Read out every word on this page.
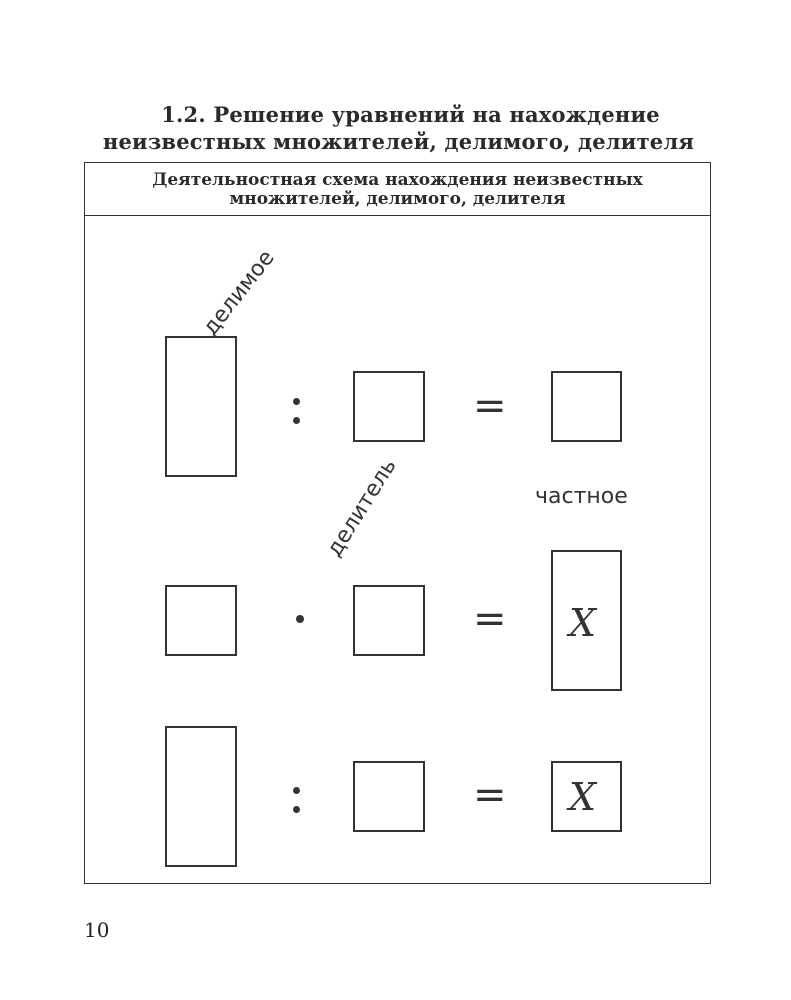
1.2. Решение уравнений на нахождение
неизвестных множителей, делимого, делителя
Деятельностная схема нахождения неизвестных
множителей, делимого, делителя
делимое
=
делитель	частное
= X
= X
10
